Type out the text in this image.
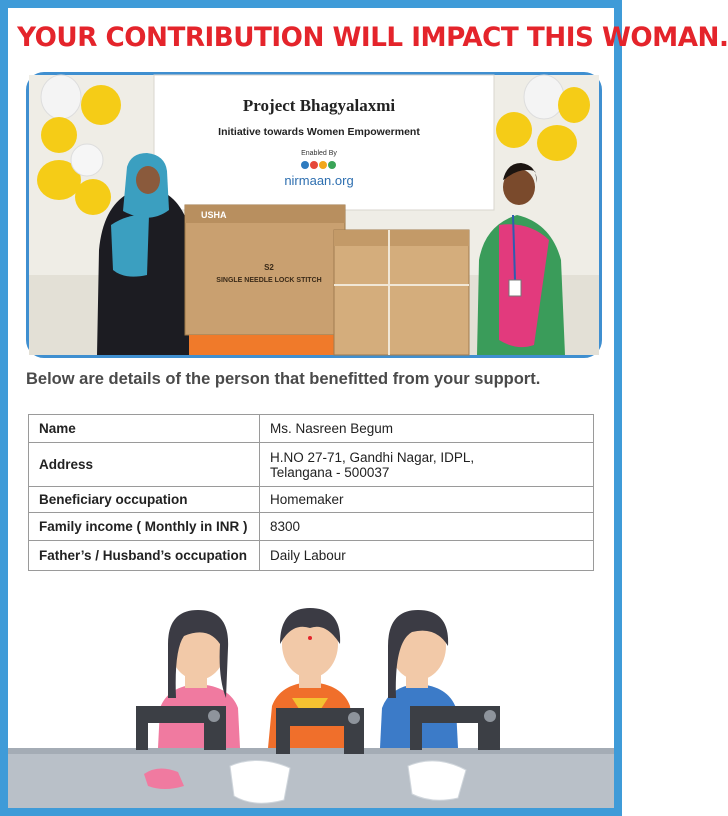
YOUR CONTRIBUTION WILL IMPACT THIS WOMAN.
Project Bhagyalaxmi
Initiative towards Women Empowerment
Enabled By
nirmaan.org
USHA
S2
SINGLE NEEDLE LOCK STITCH
Below are details of the person that benefitted from your support.
Name	Ms. Nasreen Begum
Address	H.NO 27-71, Gandhi Nagar, IDPL,
Telangana - 500037
Beneficiary occupation	Homemaker
Family income ( Monthly in INR )	8300
Father’s / Husband’s occupation	Daily Labour
